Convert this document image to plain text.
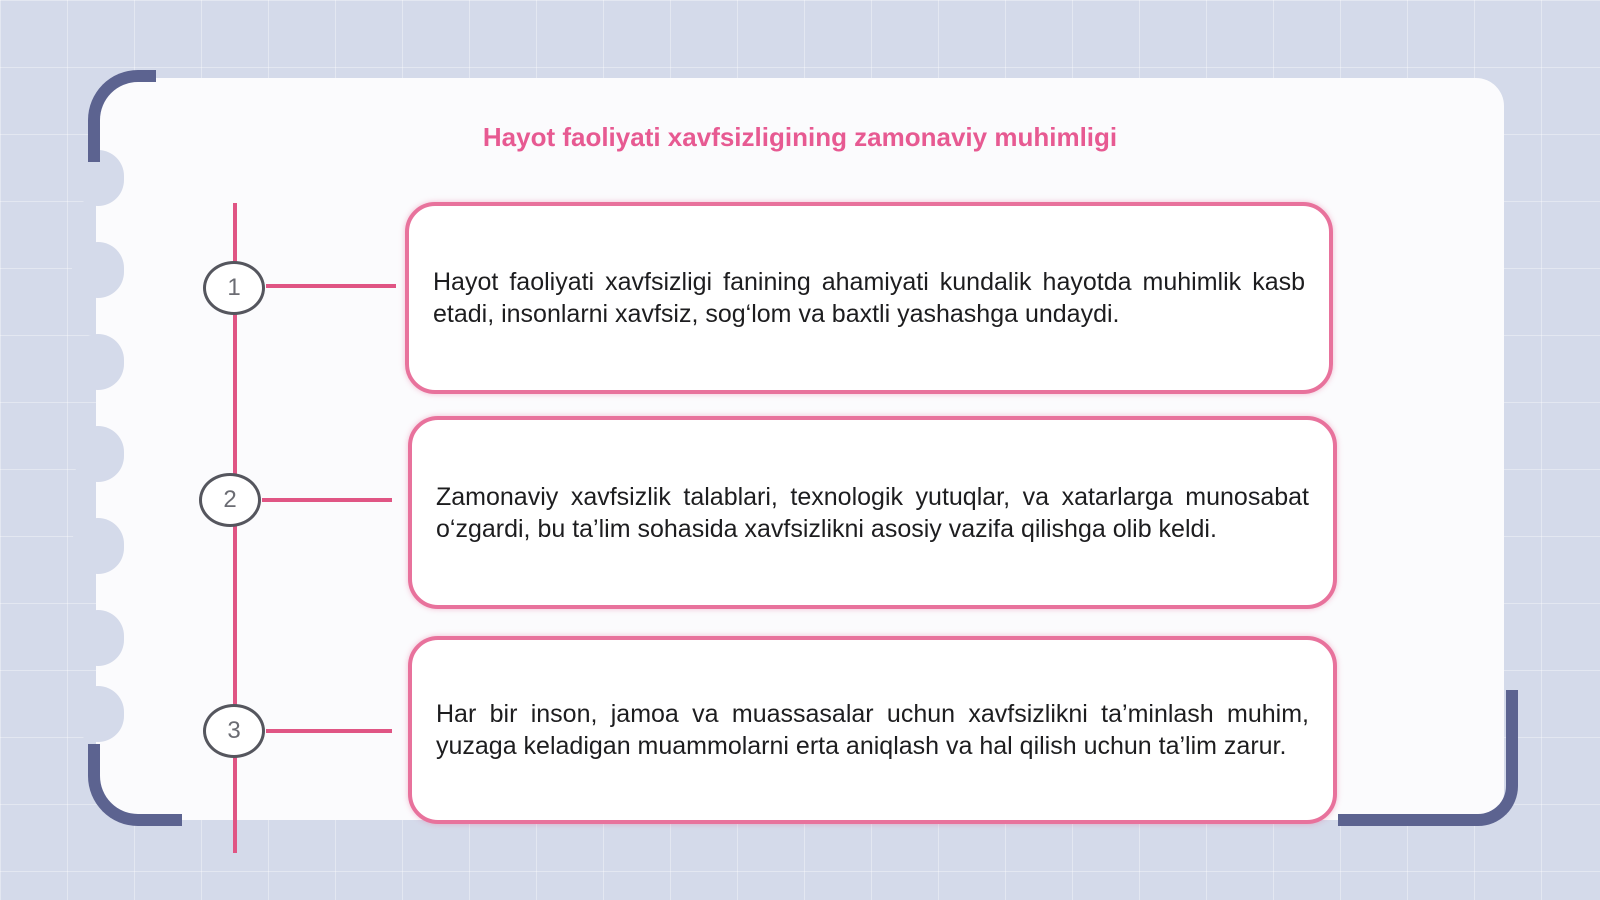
Hayot faoliyati xavfsizligining zamonaviy muhimligi
1
2
3
Hayot faoliyati xavfsizligi fanining ahamiyati kundalik hayotda muhimlik kasb etadi, insonlarni xavfsiz, sog‘lom va baxtli yashashga undaydi.
Zamonaviy xavfsizlik talablari, texnologik yutuqlar, va xatarlarga munosabat o‘zgardi, bu ta’lim sohasida xavfsizlikni asosiy vazifa qilishga olib keldi.
Har bir inson, jamoa va muassasalar uchun xavfsizlikni ta’minlash muhim, yuzaga keladigan muammolarni erta aniqlash va hal qilish uchun ta’lim zarur.
